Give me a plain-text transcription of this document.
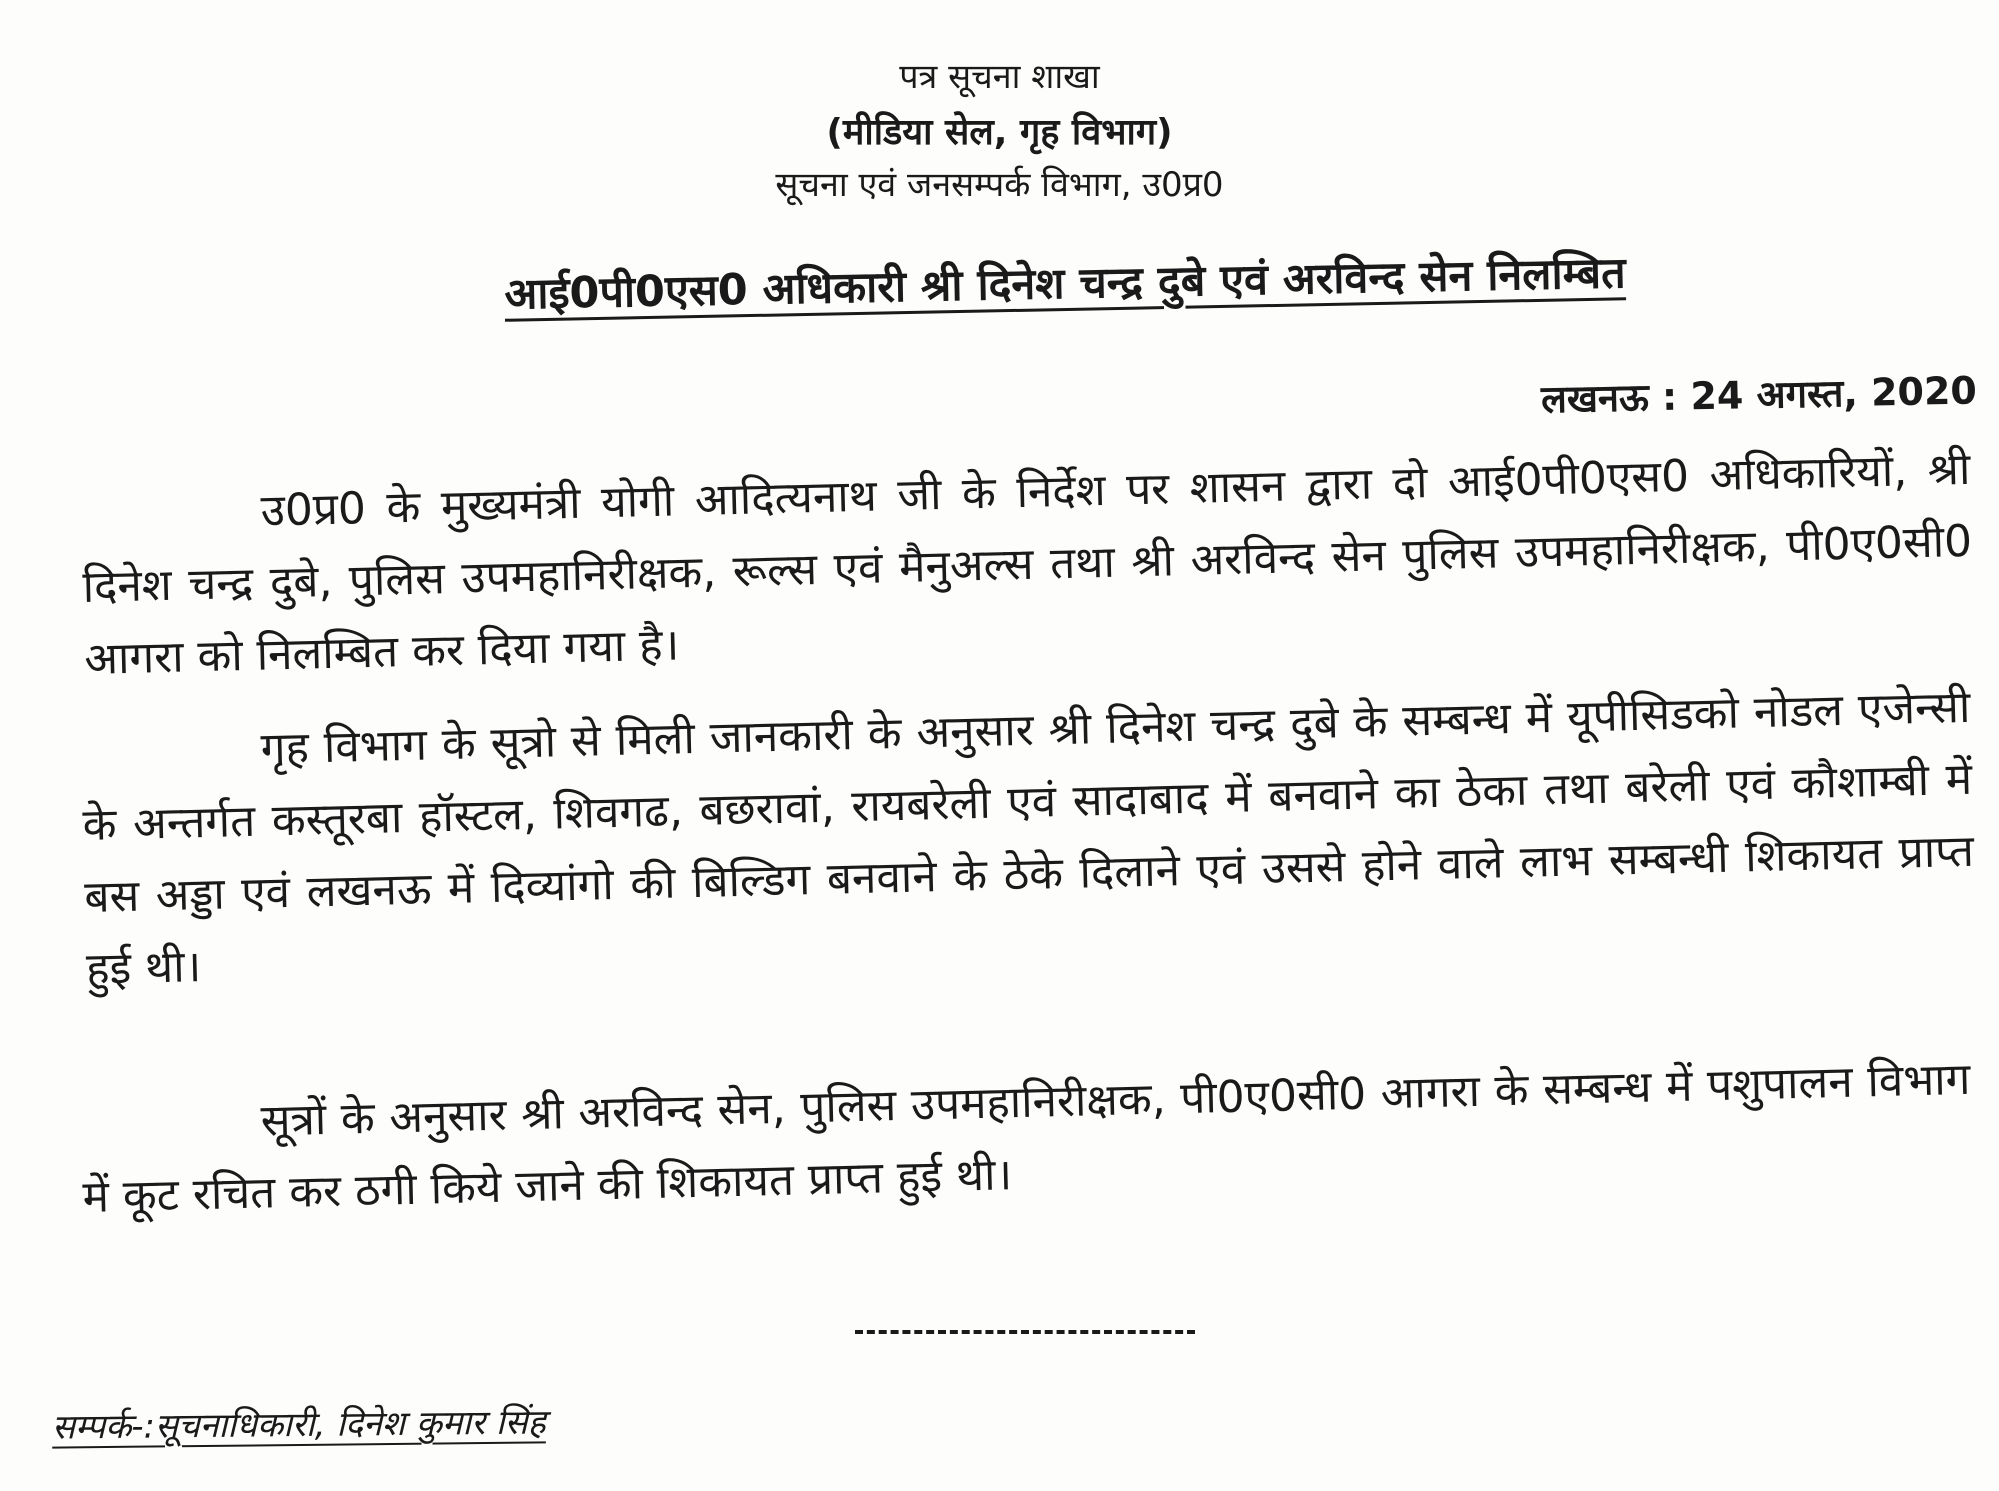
पत्र सूचना शाखा
(मीडिया सेल, गृह विभाग)
सूचना एवं जनसम्पर्क विभाग, उ0प्र0
आई0पी0एस0 अधिकारी श्री दिनेश चन्द्र दुबे एवं अरविन्द सेन निलम्बित
लखनऊ : 24 अगस्त, 2020

उ0प्र0 के मुख्यमंत्री योगी आदित्यनाथ जी के निर्देश पर शासन द्वारा दो आई0पी0एस0 अधिकारियों, श्री दिनेश चन्द्र दुबे, पुलिस उपमहानिरीक्षक, रूल्स एवं मैनुअल्स तथा श्री अरविन्द सेन पुलिस उपमहानिरीक्षक, पी0ए0सी0 आगरा को निलम्बित कर दिया गया है।

गृह विभाग के सूत्रो से मिली जानकारी के अनुसार श्री दिनेश चन्द्र दुबे के सम्बन्ध में यूपीसिडको नोडल एजेन्सी के अन्तर्गत कस्तूरबा हॉस्टल, शिवगढ, बछरावां, रायबरेली एवं सादाबाद में बनवाने का ठेका तथा बरेली एवं कौशाम्बी में बस अड्डा एवं लखनऊ में दिव्यांगो की बिल्डिग बनवाने के ठेके दिलाने एवं उससे होने वाले लाभ सम्बन्धी शिकायत प्राप्त हुई थी।

सूत्रों के अनुसार श्री अरविन्द सेन, पुलिस उपमहानिरीक्षक, पी0ए0सी0 आगरा के सम्बन्ध में पशुपालन विभाग में कूट रचित कर ठगी किये जाने की शिकायत प्राप्त हुई थी।

सम्पर्क-:सूचनाधिकारी, दिनेश कुमार सिंह
